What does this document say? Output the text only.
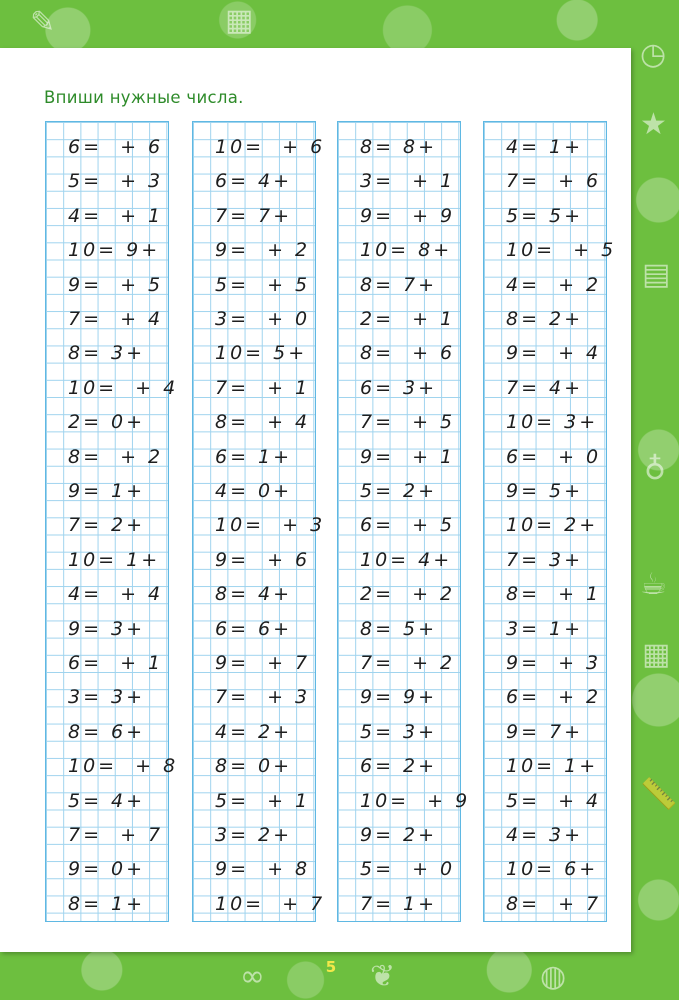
✎	▦
◷
★
▤
♁
☕
▦
📏
∞	❦	◍
Впиши нужные числа.
6=  + 6
5=  + 3
4=  + 1
10= 9+
9=  + 5
7=  + 4
8= 3+
10=  + 4
2= 0+
8=  + 2
9= 1+
7= 2+
10= 1+
4=  + 4
9= 3+
6=  + 1
3= 3+
8= 6+
10=  + 8
5= 4+
7=  + 7
9= 0+
8= 1+
10=  + 6
6= 4+
7= 7+
9=  + 2
5=  + 5
3=  + 0
10= 5+
7=  + 1
8=  + 4
6= 1+
4= 0+
10=  + 3
9=  + 6
8= 4+
6= 6+
9=  + 7
7=  + 3
4= 2+
8= 0+
5=  + 1
3= 2+
9=  + 8
10=  + 7
8= 8+
3=  + 1
9=  + 9
10= 8+
8= 7+
2=  + 1
8=  + 6
6= 3+
7=  + 5
9=  + 1
5= 2+
6=  + 5
10= 4+
2=  + 2
8= 5+
7=  + 2
9= 9+
5= 3+
6= 2+
10=  + 9
9= 2+
5=  + 0
7= 1+
4= 1+
7=  + 6
5= 5+
10=  + 5
4=  + 2
8= 2+
9=  + 4
7= 4+
10= 3+
6=  + 0
9= 5+
10= 2+
7= 3+
8=  + 1
3= 1+
9=  + 3
6=  + 2
9= 7+
10= 1+
5=  + 4
4= 3+
10= 6+
8=  + 7
5
